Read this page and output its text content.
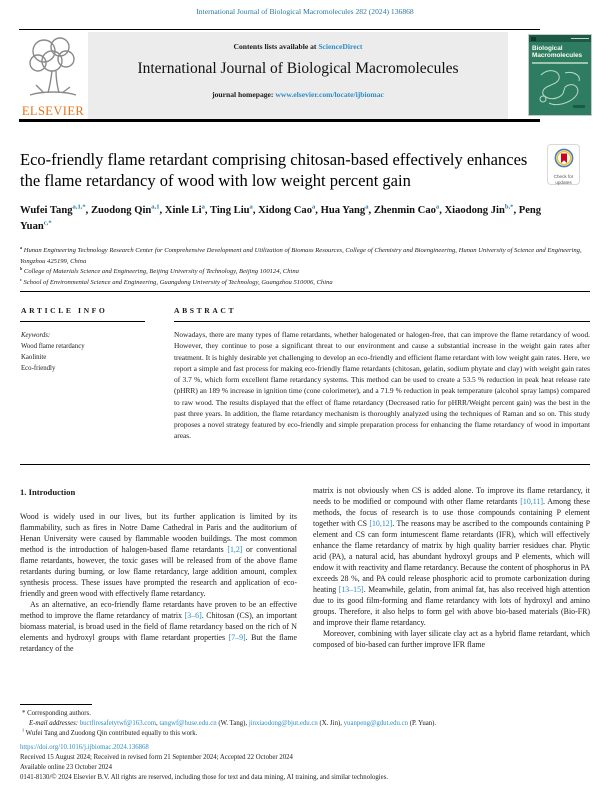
International Journal of Biological Macromolecules 282 (2024) 136868
ELSEVIER
Contents lists available at ScienceDirect
International Journal of Biological Macromolecules
journal homepage: www.elsevier.com/locate/ijbiomac
Biological Macromolecules
Check for updates
Eco-friendly flame retardant comprising chitosan-based effectively enhances the flame retardancy of wood with low weight percent gain
Wufei Tang$^{a,1,*}$, Zuodong Qin$^{a,1}$, Xinle Li$^a$, Ting Liu$^a$, Xidong Cao$^a$, Hua Yang$^a$, Zhenmin Cao$^a$, Xiaodong Jin$^{b,*}$, Peng Yuan$^{c,*}$
$^a$ Hunan Engineering Technology Research Center for Comprehensive Development and Utilization of Biomass Resources, College of Chemistry and Bioengineering, Hunan University of Science and Engineering, Yongzhou 425199, China
$^b$ College of Materials Science and Engineering, Beijing University of Technology, Beijing 100124, China
$^c$ School of Environmental Science and Engineering, Guangdong University of Technology, Guangzhou 510006, China
ARTICLE INFO	ABSTRACT
Keywords:
Wood flame retardancy
Kaolinite
Eco-friendly
Nowadays, there are many types of flame retardants, whether halogenated or halogen-free, that can improve the flame retardancy of wood. However, they continue to pose a significant threat to our environment and cause a substantial increase in the weight gain rates after treatment. It is highly desirable yet challenging to develop an eco-friendly and efficient flame retardant with low weight gain rates. Here, we report a simple and fast process for making eco-friendly flame retardants (chitosan, gelatin, sodium phytate and clay) with weight gain rates of 3.7 %, which form excellent flame retardancy systems. This method can be used to create a 53.5 % reduction in peak heat release rate (pHRR) an 189 % increase in ignition time (cone colorimeter), and a 71.9 % reduction in peak temperature (alcohol spray lamps) compared to raw wood. The results displayed that the effect of flame retardancy (Decreased ratio for pHRR/Weight percent gain) was the best in the past three years. In addition, the flame retardancy mechanism is thoroughly analyzed using the techniques of Raman and so on. This study proposes a novel strategy featured by eco-friendly and simple preparation process for enhancing the flame retardancy of wood in important areas.
1. Introduction
Wood is widely used in our lives, but its further application is limited by its flammability, such as fires in Notre Dame Cathedral in Paris and the auditorium of Henan University were caused by flammable wooden buildings. The most common method is the introduction of halogen-based flame retardants [1,2] or conventional flame retardants, however, the toxic gases will be released from of the above flame retardants during burning, or low flame retardancy, large addition amount, complex synthesis process. These issues have prompted the research and application of eco-friendly and green wood with effectively flame retardancy.
As an alternative, an eco-friendly flame retardants have proven to be an effective method to improve the flame retardancy of matrix [3–6]. Chitosan (CS), an important biomass material, is broad used in the field of flame retardancy based on the rich of N elements and hydroxyl groups with flame retardant properties [7–9]. But the flame retardancy of the
matrix is not obviously when CS is added alone. To improve its flame retardancy, it needs to be modified or compound with other flame retardants [10,11]. Among these methods, the focus of research is to use those compounds containing P element together with CS [10,12]. The reasons may be ascribed to the compounds containing P element and CS can form intumescent flame retardants (IFR), which will effectively enhance the flame retardancy of matrix by high quality barrier residues char. Phytic acid (PA), a natural acid, has abundant hydroxyl groups and P elements, which will endow it with reactivity and flame retardancy. Because the content of phosphorus in PA exceeds 28 %, and PA could release phosphoric acid to promote carbonization during heating [13–15]. Meanwhile, gelatin, from animal fat, has also received high attention due to its good film-forming and flame retardancy with lots of hydroxyl and amino groups. Therefore, it also helps to form gel with above bio-based materials (Bio-FR) and improve their flame retardancy.
Moreover, combining with layer silicate clay act as a hybrid flame retardant, which composed of bio-based can further improve IFR flame
* Corresponding authors.
E-mail addresses: buctfiresafetytwf@163.com, tangwf@huse.edu.cn (W. Tang), jinxiaodong@bjut.edu.cn (X. Jin), yuanpeng@gdut.edu.cn (P. Yuan).
$^1$ Wufei Tang and Zuodong Qin contributed equally to this work.
https://doi.org/10.1016/j.ijbiomac.2024.136868
Received 15 August 2024; Received in revised form 21 September 2024; Accepted 22 October 2024
Available online 23 October 2024
0141-8130/© 2024 Elsevier B.V. All rights are reserved, including those for text and data mining, AI training, and similar technologies.
